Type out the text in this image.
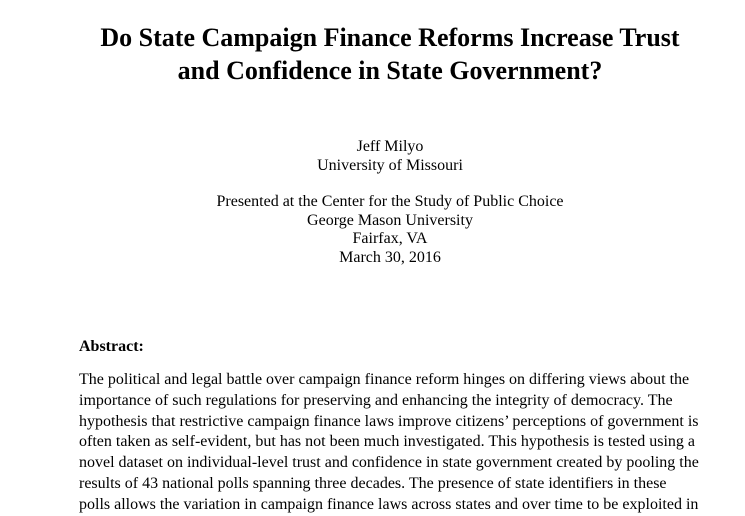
Do State Campaign Finance Reforms Increase Trust
and Confidence in State Government?
Jeff Milyo
University of Missouri
Presented at the Center for the Study of Public Choice
George Mason University
Fairfax, VA
March 30, 2016
Abstract:
The political and legal battle over campaign finance reform hinges on differing views about the
importance of such regulations for preserving and enhancing the integrity of democracy. The
hypothesis that restrictive campaign finance laws improve citizens’ perceptions of government is
often taken as self-evident, but has not been much investigated. This hypothesis is tested using a
novel dataset on individual-level trust and confidence in state government created by pooling the
results of 43 national polls spanning three decades. The presence of state identifiers in these
polls allows the variation in campaign finance laws across states and over time to be exploited in
